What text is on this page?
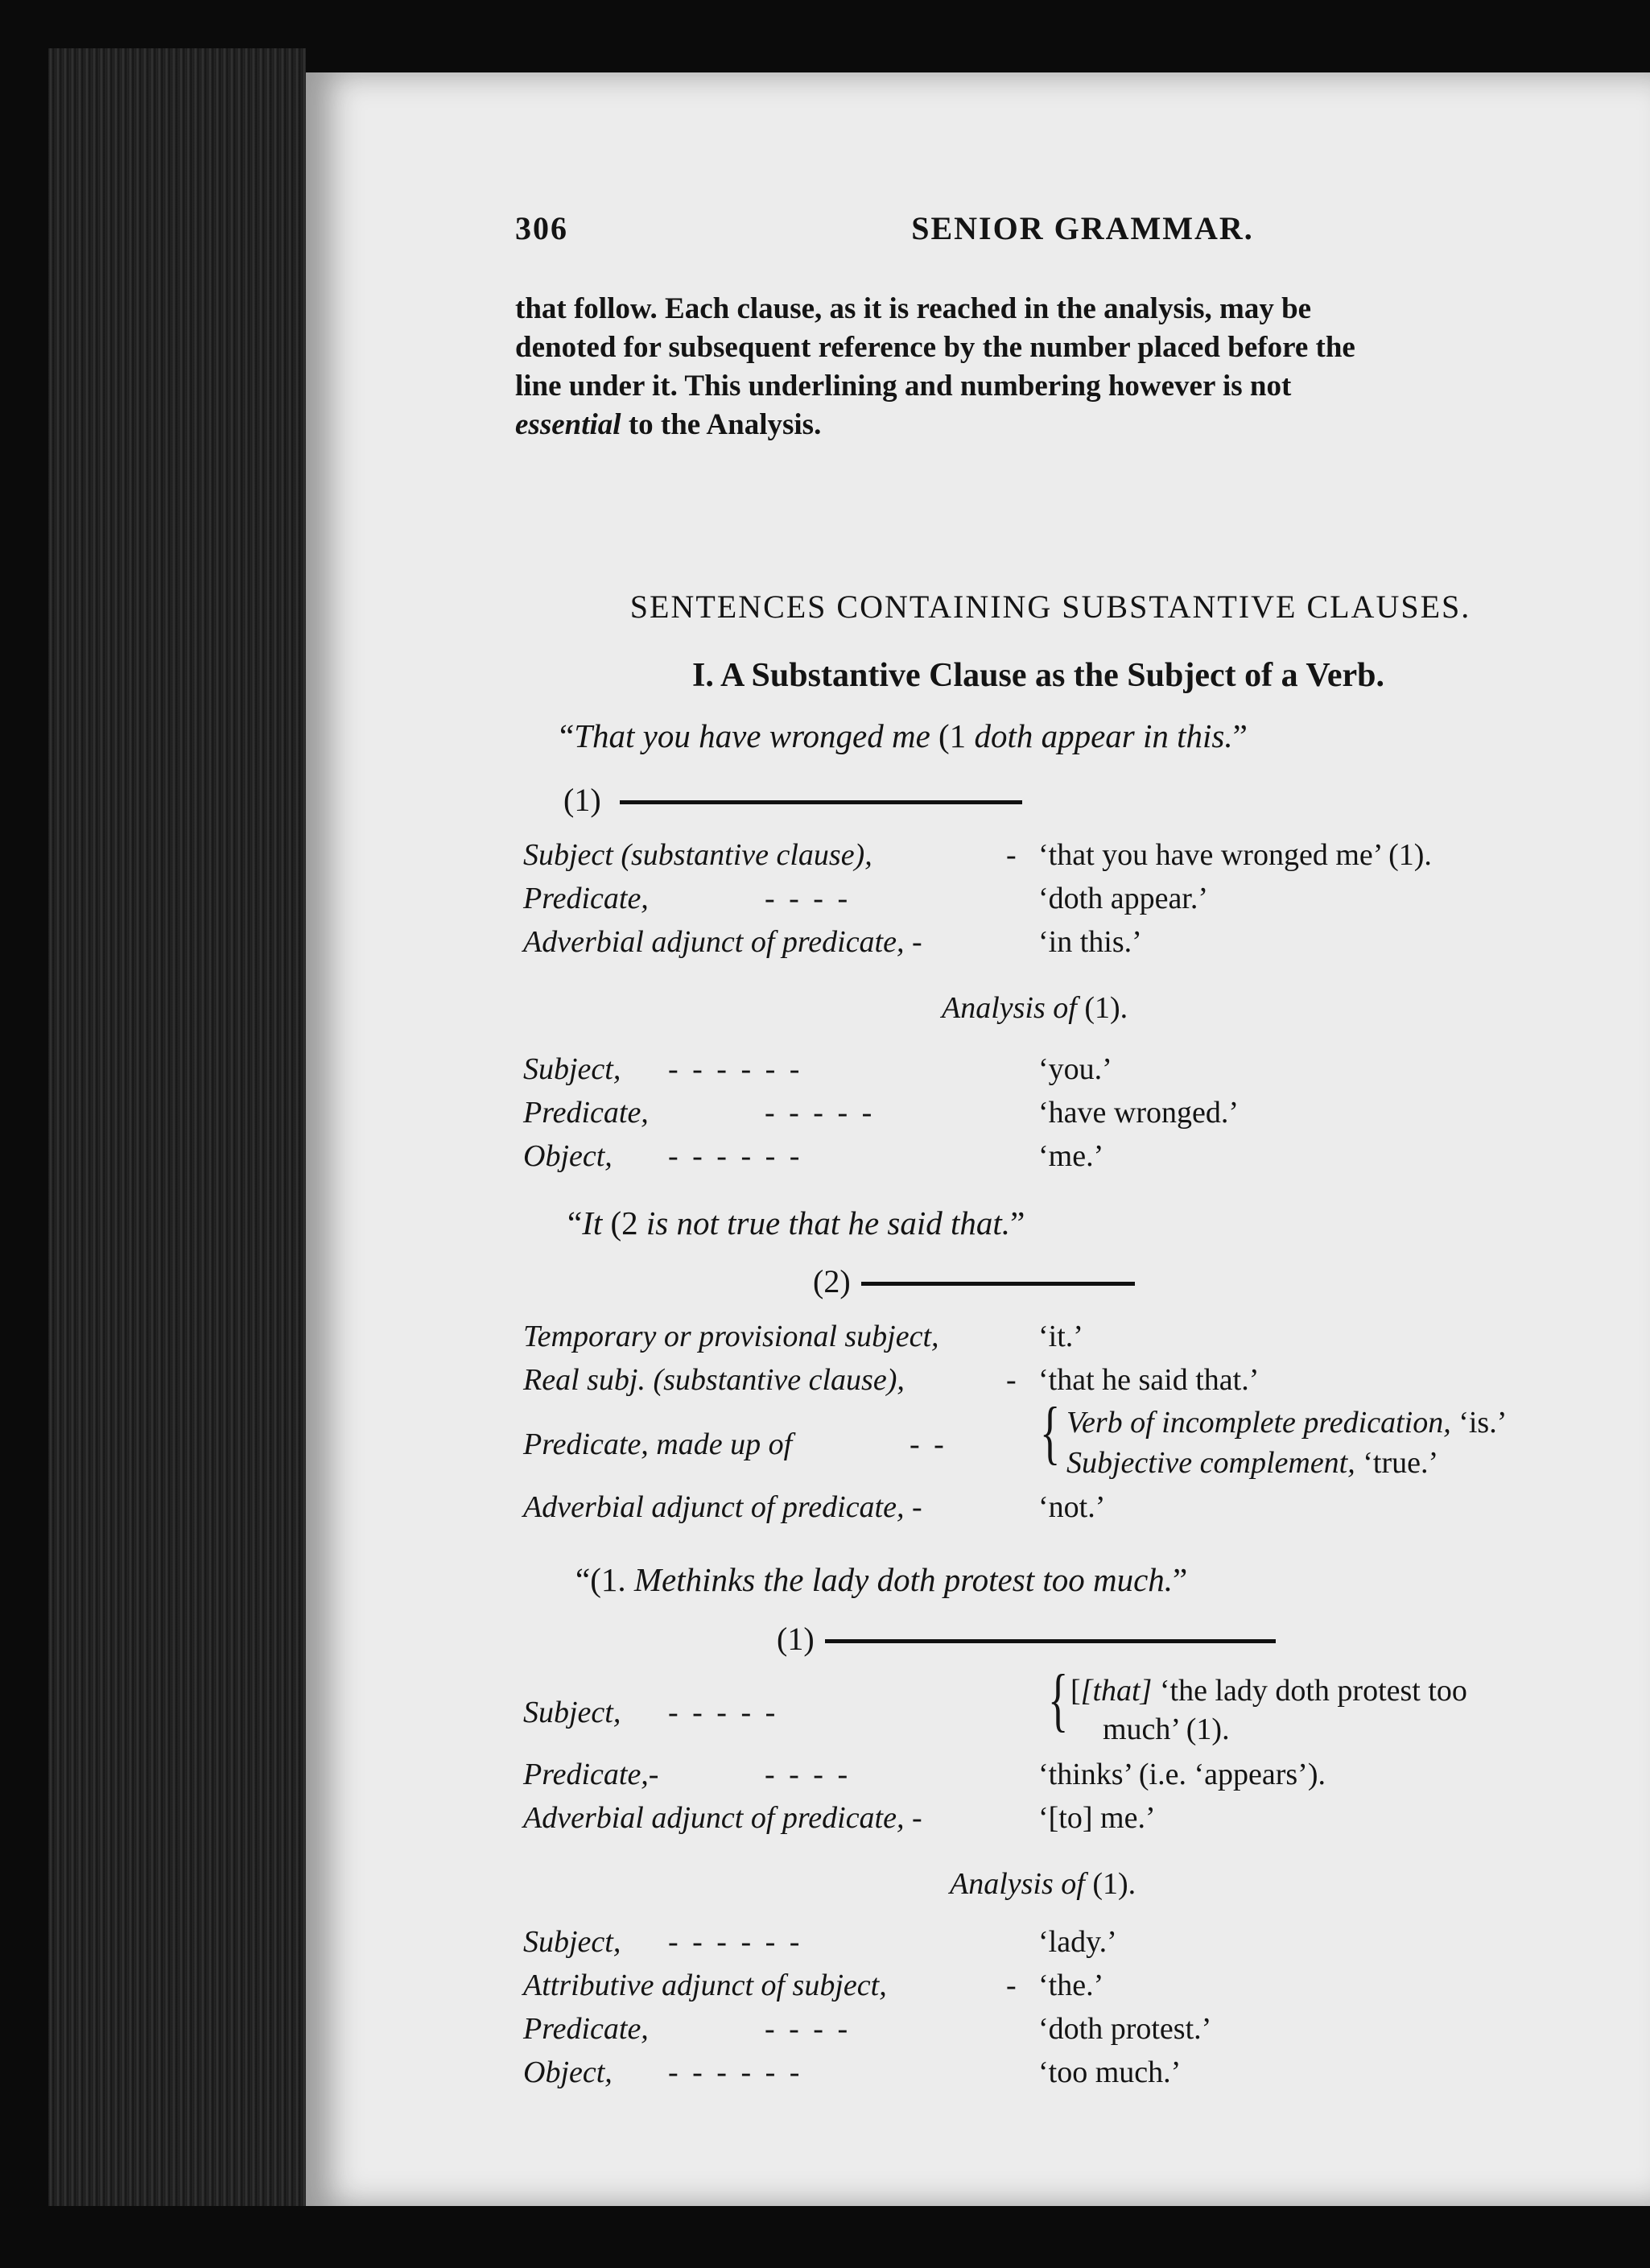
306	SENIOR GRAMMAR.
that follow. Each clause, as it is reached in the analysis, may be
denoted for subsequent reference by the number placed before the
line under it. This underlining and numbering however is not
essential to the Analysis.
SENTENCES CONTAINING SUBSTANTIVE CLAUSES.
I. A Substantive Clause as the Subject of a Verb.
“That you have wronged me (1 doth appear in this.”
(1)
Subject (substantive clause),	- ‘that you have wronged me’ (1).
Predicate,	- - - -	‘doth appear.’
Adverbial adjunct of predicate, -	‘in this.’
Analysis of (1).
Subject, - - - - - -	‘you.’
Predicate,	- - - - -	‘have wronged.’
Object, - - - - - -	‘me.’
“It (2 is not true that he said that.”
(2)
Temporary or provisional subject,	‘it.’
Real subj. (substantive clause),	- ‘that he said that.’
Predicate, made up of	- - { Verb of incomplete predication, ‘is.’
Subjective complement, ‘true.’
Adverbial adjunct of predicate, -	‘not.’
“(1. Methinks the lady doth protest too much.”
(1)
Subject, - - - - -	{ [[that] ‘the lady doth protest too
much’ (1).
Predicate,-	- - - -	‘thinks’ (i.e. ‘appears’).
Adverbial adjunct of predicate, -	‘[to] me.’
Analysis of (1).
Subject, - - - - - -	‘lady.’
Attributive adjunct of subject,	- ‘the.’
Predicate,	- - - -	‘doth protest.’
Object, - - - - - -	‘too much.’
